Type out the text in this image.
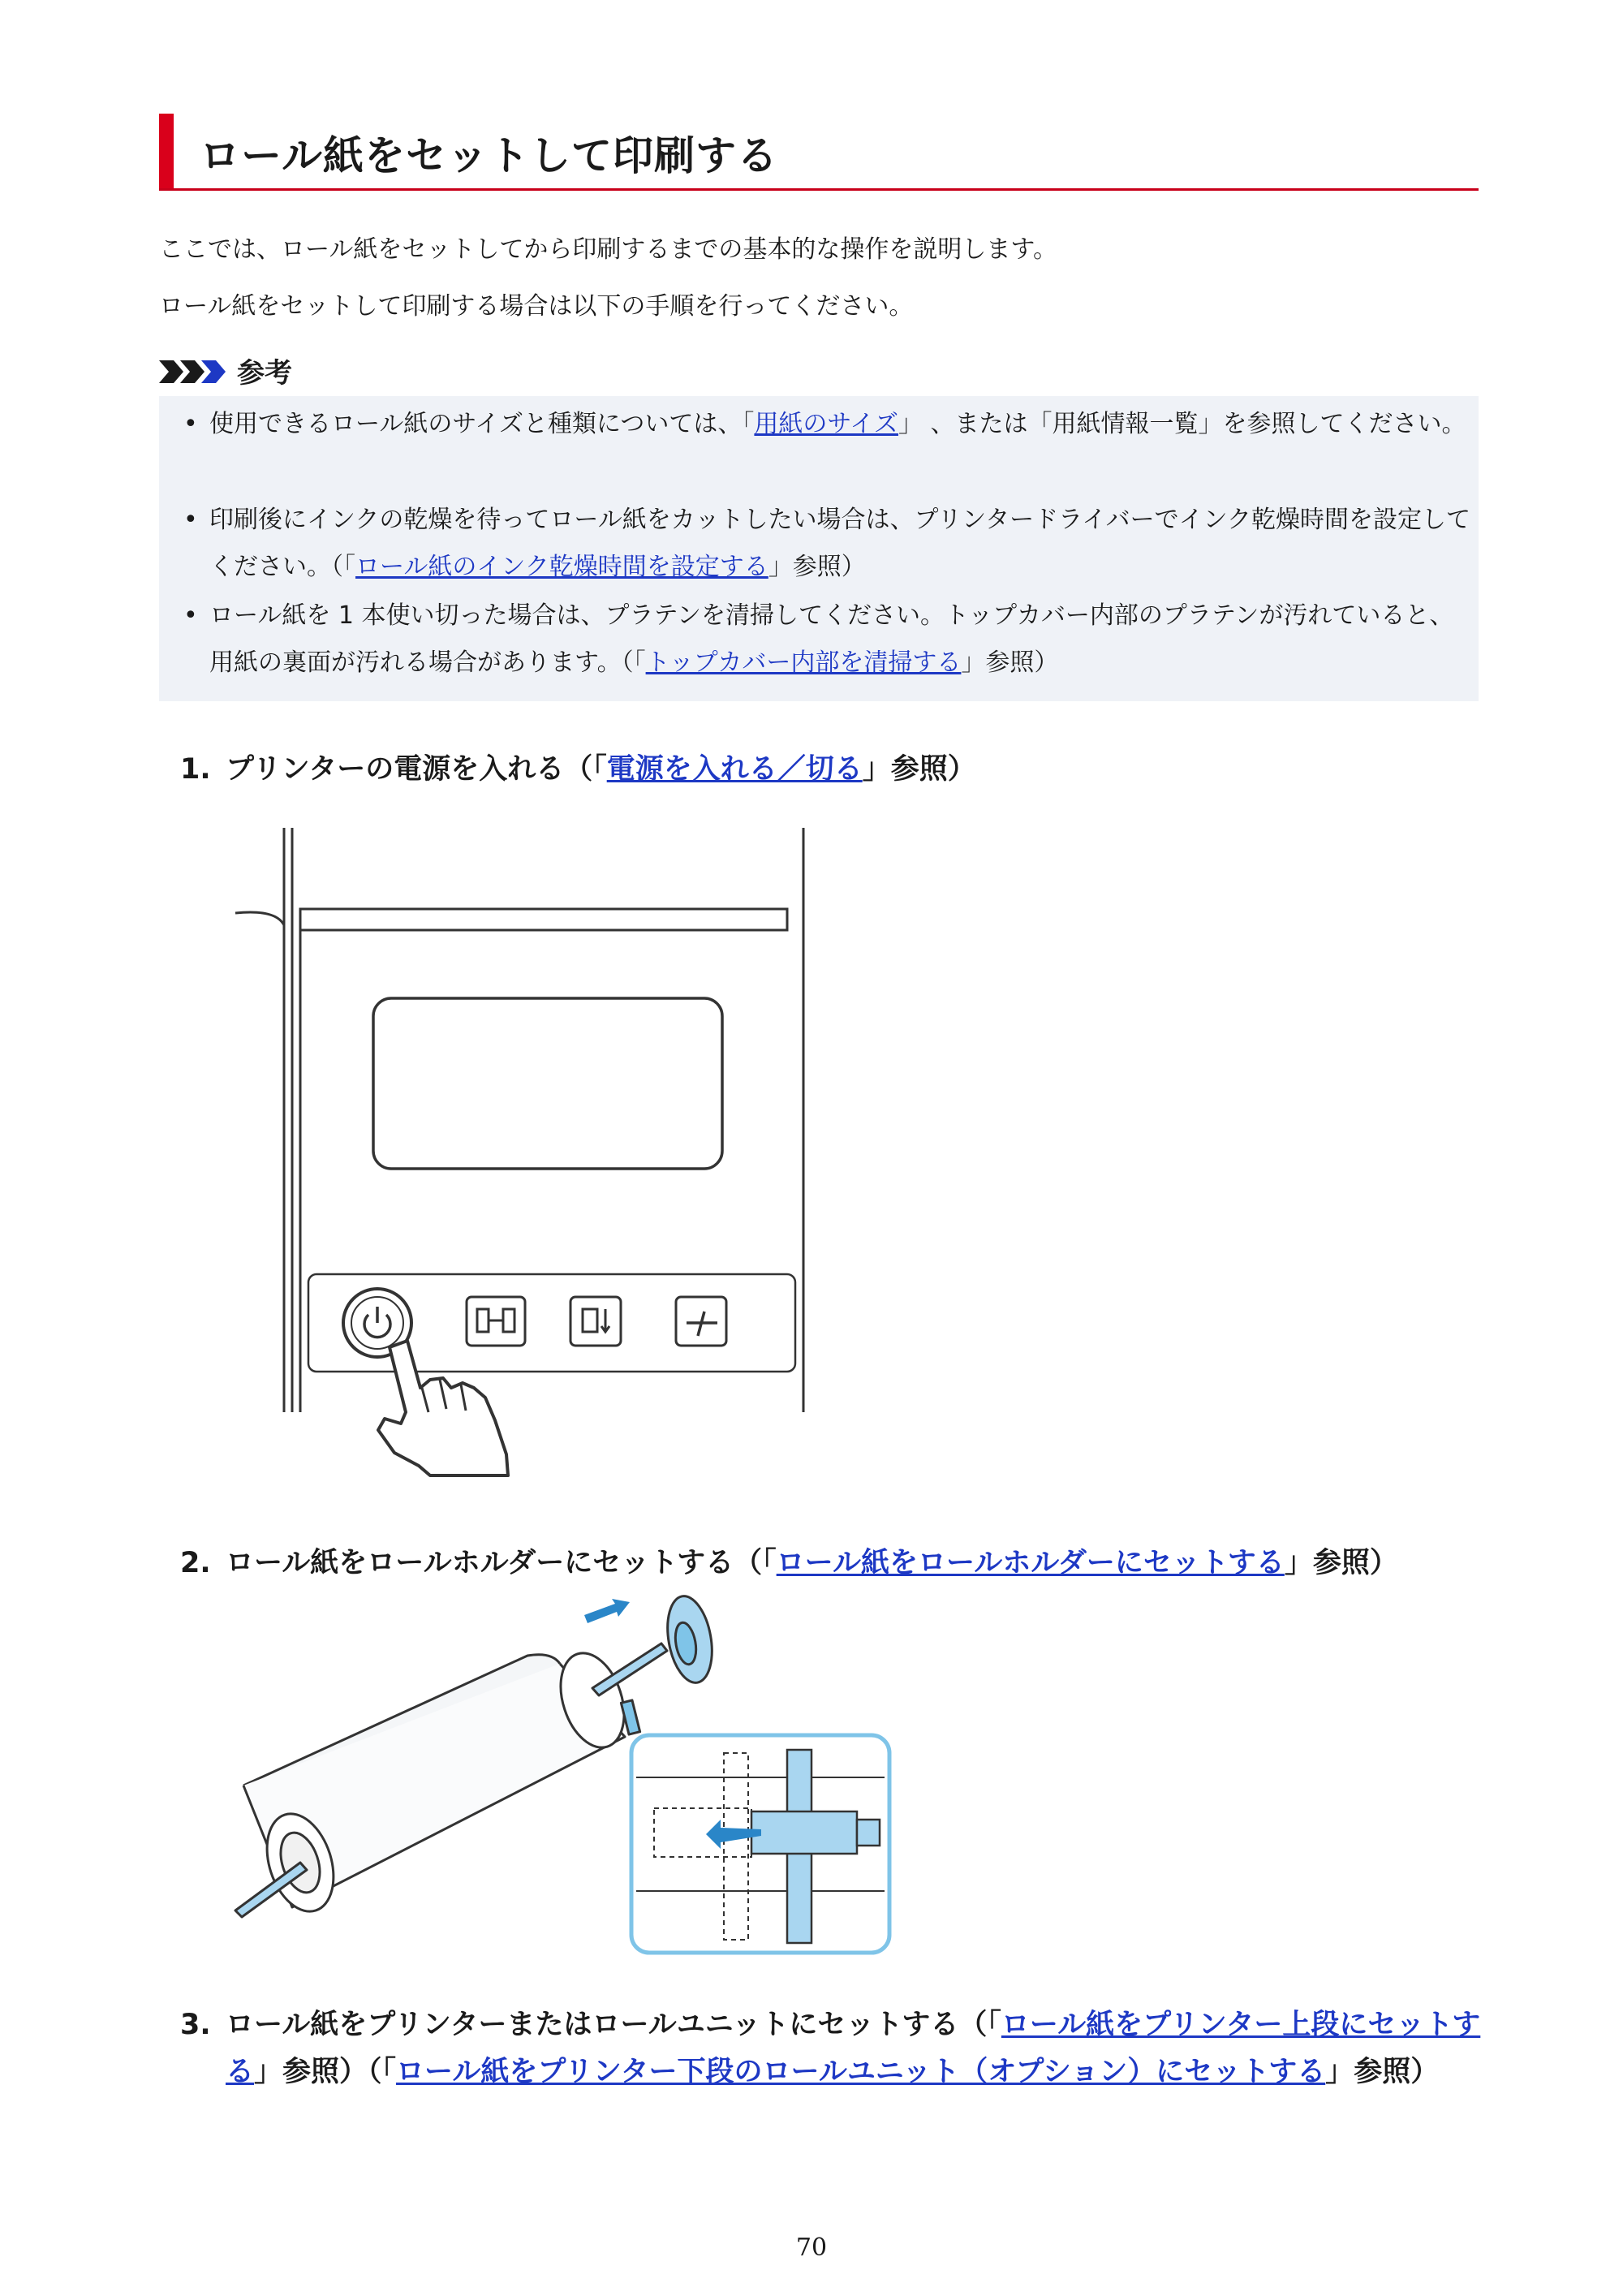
ロール紙をセットして印刷する
ここでは、ロール紙をセットしてから印刷するまでの基本的な操作を説明します。
ロール紙をセットして印刷する場合は以下の手順を行ってください。
参考
• 使用できるロール紙のサイズと種類については、「用紙のサイズ」 、または「用紙情報一覧」を参照してください。
• 印刷後にインクの乾燥を待ってロール紙をカットしたい場合は、プリンタードライバーでインク乾燥時間を設定してください。（「ロール紙のインク乾燥時間を設定する」参照）
• ロール紙を 1 本使い切った場合は、プラテンを清掃してください。トップカバー内部のプラテンが汚れていると、用紙の裏面が汚れる場合があります。（「トップカバー内部を清掃する」参照）
1. プリンターの電源を入れる（「電源を入れる／切る」参照）
2. ロール紙をロールホルダーにセットする（「ロール紙をロールホルダーにセットする」参照）
3. ロール紙をプリンターまたはロールユニットにセットする（「ロール紙をプリンター上段にセットする」参照）（「ロール紙をプリンター下段のロールユニット（オプション）にセットする」参照）
70
